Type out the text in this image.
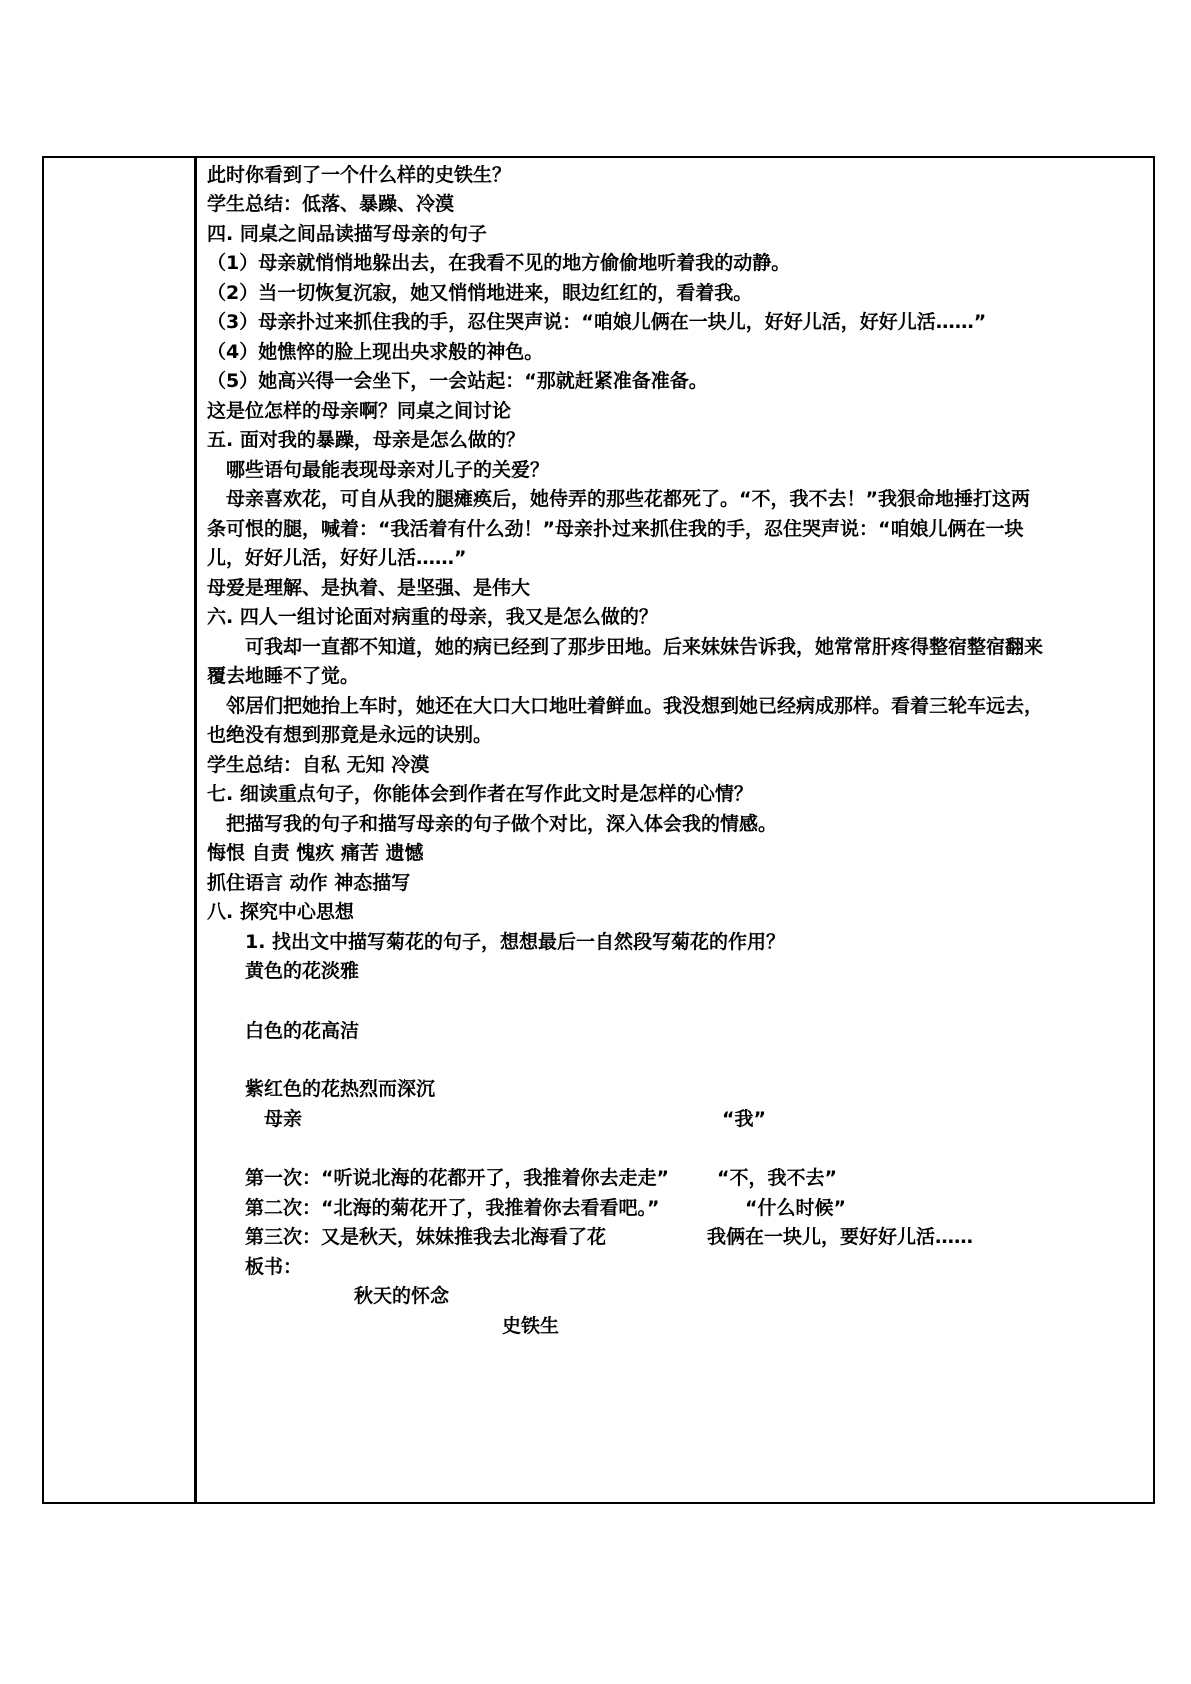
此时你看到了一个什么样的史铁生？
学生总结：低落、暴躁、冷漠
四. 同桌之间品读描写母亲的句子
（1）母亲就悄悄地躲出去，在我看不见的地方偷偷地听着我的动静。
（2）当一切恢复沉寂，她又悄悄地进来，眼边红红的，看着我。
（3）母亲扑过来抓住我的手，忍住哭声说：“咱娘儿俩在一块儿，好好儿活，好好儿活……”
（4）她憔悴的脸上现出央求般的神色。
（5）她高兴得一会坐下，一会站起：“那就赶紧准备准备。
这是位怎样的母亲啊？同桌之间讨论
五. 面对我的暴躁，母亲是怎么做的？
哪些语句最能表现母亲对儿子的关爱？
母亲喜欢花，可自从我的腿瘫痪后，她侍弄的那些花都死了。“不，我不去！”我狠命地捶打这两
条可恨的腿，喊着：“我活着有什么劲！”母亲扑过来抓住我的手，忍住哭声说：“咱娘儿俩在一块
儿，好好儿活，好好儿活……”
母爱是理解、是执着、是坚强、是伟大
六. 四人一组讨论面对病重的母亲，我又是怎么做的？
可我却一直都不知道，她的病已经到了那步田地。后来妹妹告诉我，她常常肝疼得整宿整宿翻来
覆去地睡不了觉。
邻居们把她抬上车时，她还在大口大口地吐着鲜血。我没想到她已经病成那样。看着三轮车远去，
也绝没有想到那竟是永远的诀别。
学生总结：自私 无知 冷漠
七. 细读重点句子，你能体会到作者在写作此文时是怎样的心情？
把描写我的句子和描写母亲的句子做个对比，深入体会我的情感。
悔恨 自责 愧疚 痛苦 遗憾
抓住语言 动作 神态描写
八. 探究中心思想
1. 找出文中描写菊花的句子，想想最后一自然段写菊花的作用？
黄色的花淡雅
白色的花高洁
紫红色的花热烈而深沉
母亲	“我”
第一次：“听说北海的花都开了，我推着你去走走”	“不，我不去”
第二次：“北海的菊花开了，我推着你去看看吧。”	“什么时候”
第三次：又是秋天，妹妹推我去北海看了花	我俩在一块儿，要好好儿活……
板书：
秋天的怀念
史铁生
